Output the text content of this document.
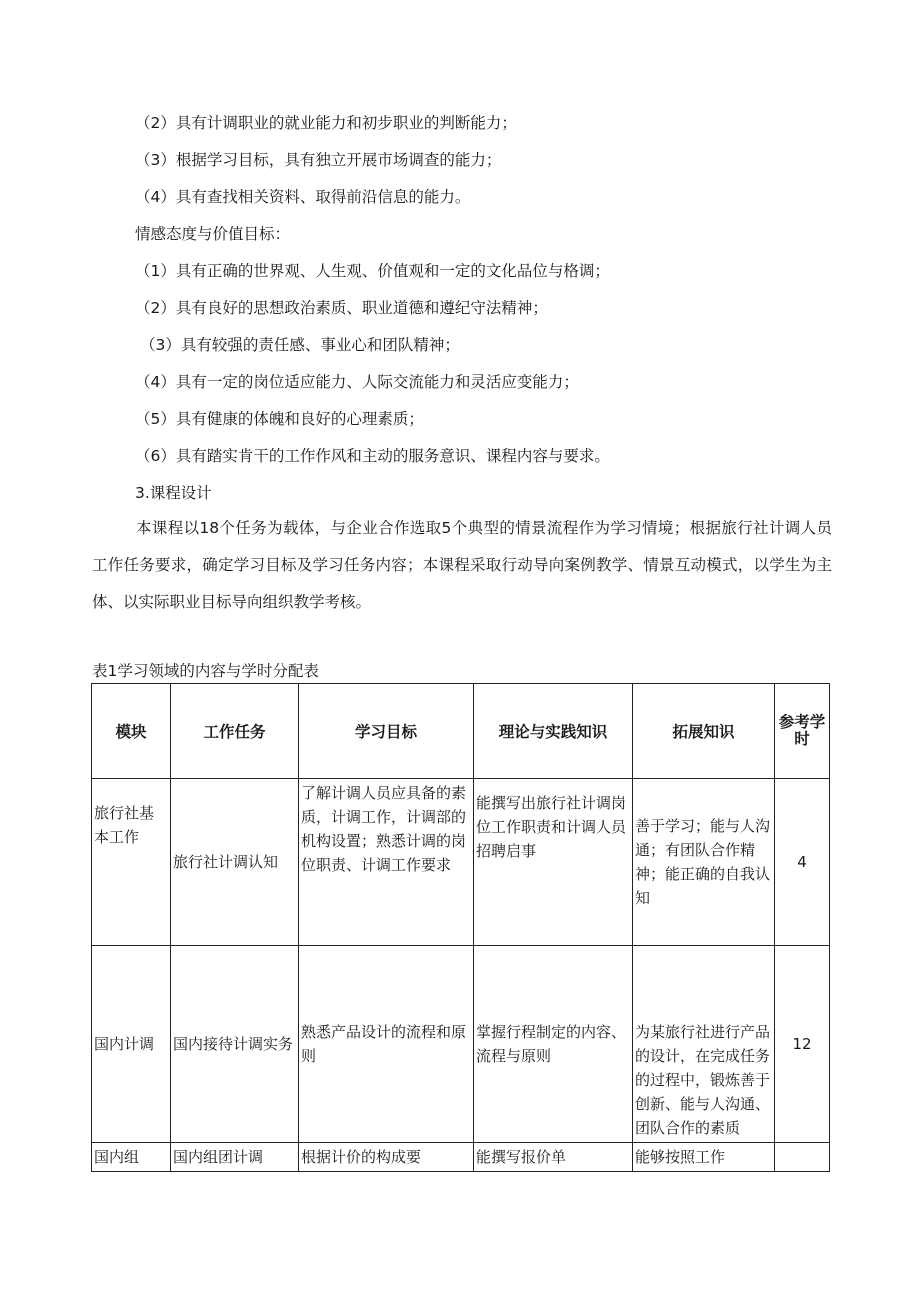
（2）具有计调职业的就业能力和初步职业的判断能力；
（3）根据学习目标，具有独立开展市场调查的能力；
（4）具有查找相关资料、取得前沿信息的能力。
情感态度与价值目标：
（1）具有正确的世界观、人生观、价值观和一定的文化品位与格调；
（2）具有良好的思想政治素质、职业道德和遵纪守法精神；
（3）具有较强的责任感、事业心和团队精神；
（4）具有一定的岗位适应能力、人际交流能力和灵活应变能力；
（5）具有健康的体魄和良好的心理素质；
（6）具有踏实肯干的工作作风和主动的服务意识、课程内容与要求。
3.课程设计
本课程以18个任务为载体，与企业合作选取5个典型的情景流程作为学习情境；根据旅行社计调人员工作任务要求，确定学习目标及学习任务内容；本课程采取行动导向案例教学、情景互动模式，以学生为主体、以实际职业目标导向组织教学考核。
表1学习领域的内容与学时分配表
模块	工作任务	学习目标	理论与实践知识	拓展知识	参考学时
旅行社基本工作	旅行社计调认知	了解计调人员应具备的素质，计调工作，计调部的机构设置；熟悉计调的岗位职责、计调工作要求	能撰写出旅行社计调岗位工作职责和计调人员招聘启事	善于学习；能与人沟通；有团队合作精神；能正确的自我认知	4
国内计调	国内接待计调实务	熟悉产品设计的流程和原则	掌握行程制定的内容、流程与原则	为某旅行社进行产品的设计，在完成任务的过程中，锻炼善于创新、能与人沟通、团队合作的素质	12
国内组	国内组团计调	根据计价的构成要	能撰写报价单	能够按照工作	
